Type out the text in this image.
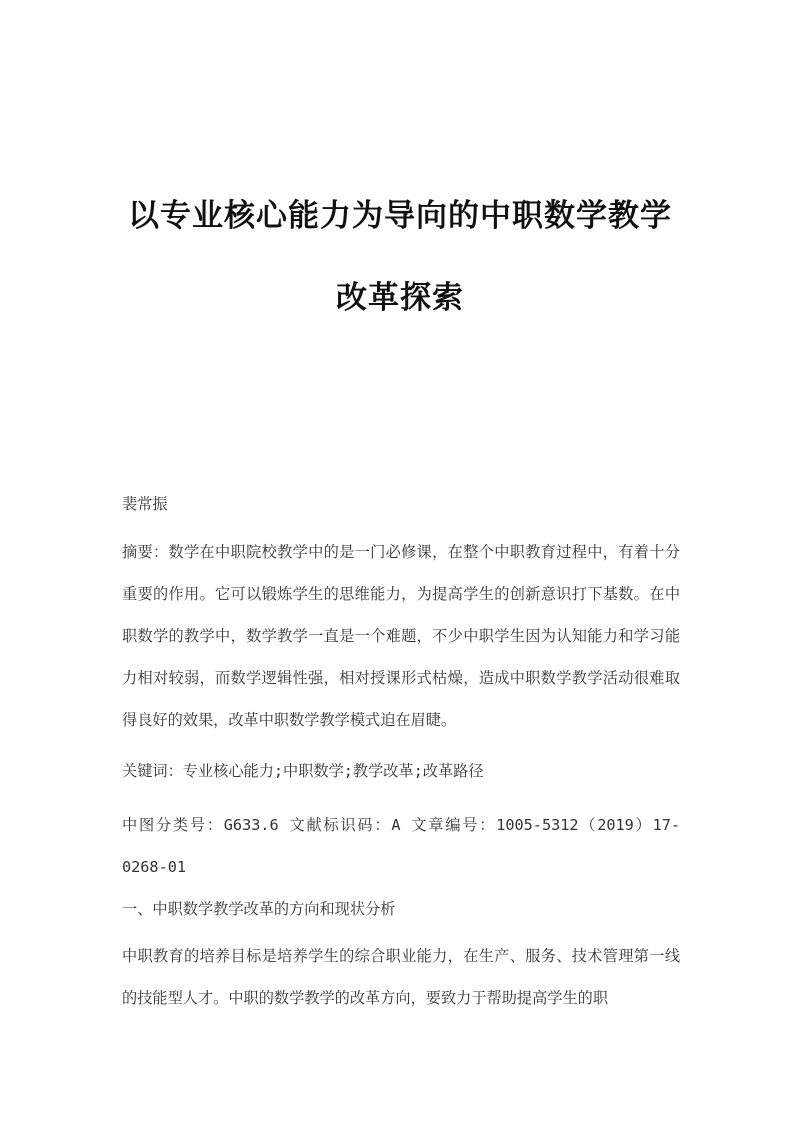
以专业核心能力为导向的中职数学教学
改革探索

裴常振

摘要：数学在中职院校教学中的是一门必修课，在整个中职教育过程中，有着十分重要的作用。它可以锻炼学生的思维能力，为提高学生的创新意识打下基数。在中职数学的教学中，数学教学一直是一个难题，不少中职学生因为认知能力和学习能力相对较弱，而数学逻辑性强，相对授课形式枯燥，造成中职数学教学活动很难取得良好的效果，改革中职数学教学模式迫在眉睫。

关键词：专业核心能力;中职数学;教学改革;改革路径

中图分类号：G633.6 文献标识码：A 文章编号：1005-5312（2019）17-0268-01

一、中职数学教学改革的方向和现状分析

中职教育的培养目标是培养学生的综合职业能力，在生产、服务、技术管理第一线的技能型人才。中职的数学教学的改革方向，要致力于帮助提高学生的职
